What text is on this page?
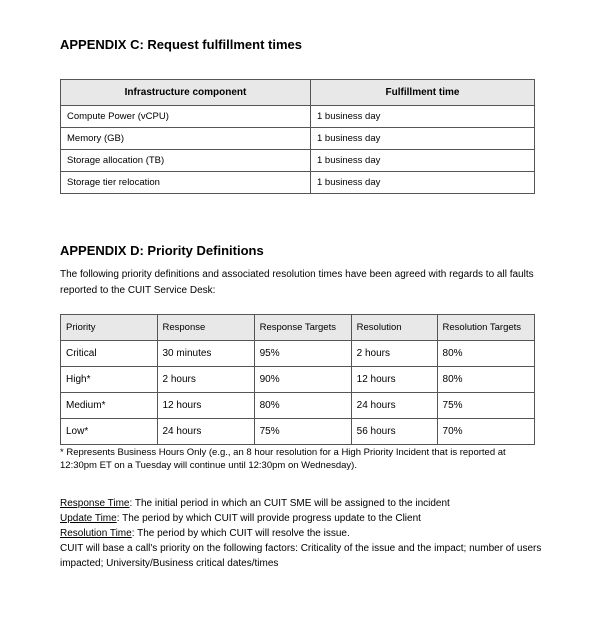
APPENDIX C: Request fulfillment times
Infrastructure component	Fulfillment time
Compute Power (vCPU)	1 business day
Memory (GB)	1 business day
Storage allocation (TB)	1 business day
Storage tier relocation	1 business day
APPENDIX D: Priority Definitions

The following priority definitions and associated resolution times have been agreed with regards to all faults reported to the CUIT Service Desk:

Priority	Response	Response Targets	Resolution	Resolution Targets
Critical	30 minutes	95%	2 hours	80%
High*	2 hours	90%	12 hours	80%
Medium*	12 hours	80%	24 hours	75%
Low*	24 hours	75%	56 hours	70%

* Represents Business Hours Only (e.g., an 8 hour resolution for a High Priority Incident that is reported at 12:30pm ET on a Tuesday will continue until 12:30pm on Wednesday).

Response Time: The initial period in which an CUIT SME will be assigned to the incident
Update Time: The period by which CUIT will provide progress update to the Client
Resolution Time: The period by which CUIT will resolve the issue.
CUIT will base a call's priority on the following factors: Criticality of the issue and the impact; number of users impacted; University/Business critical dates/times
